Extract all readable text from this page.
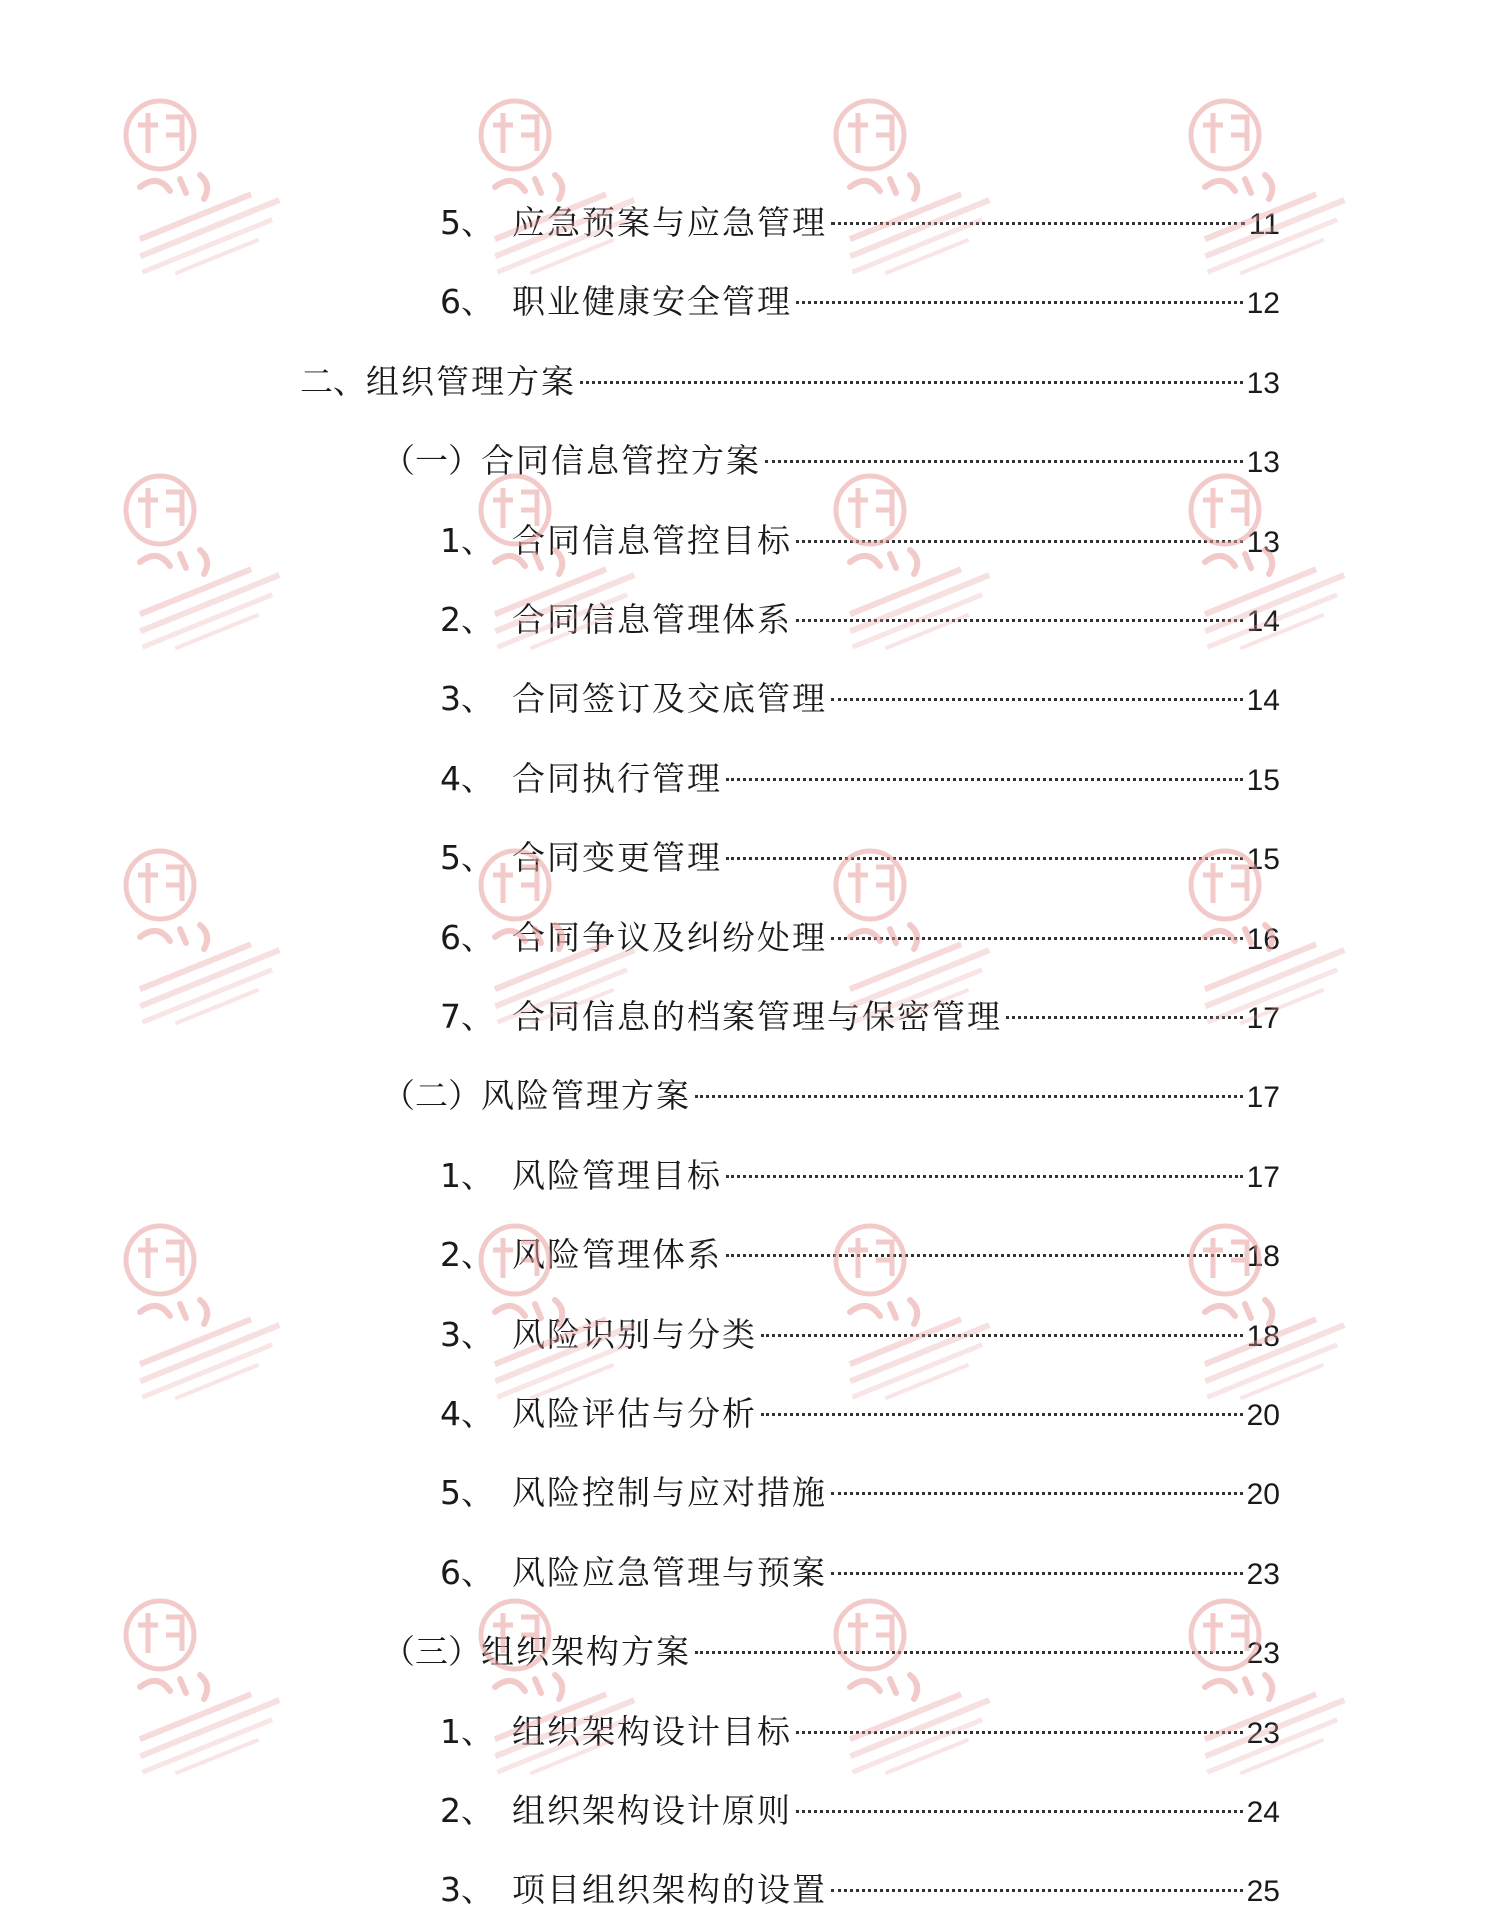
5、 应急预案与应急管理	11
6、 职业健康安全管理	12
二、 组织管理方案	13
（一） 合同信息管控方案	13
1、 合同信息管控目标	13
2、 合同信息管理体系	14
3、 合同签订及交底管理	14
4、 合同执行管理	15
5、 合同变更管理	15
6、 合同争议及纠纷处理	16
7、 合同信息的档案管理与保密管理	17
（二） 风险管理方案	17
1、 风险管理目标	17
2、 风险管理体系	18
3、 风险识别与分类	18
4、 风险评估与分析	20
5、 风险控制与应对措施	20
6、 风险应急管理与预案	23
（三） 组织架构方案	23
1、 组织架构设计目标	23
2、 组织架构设计原则	24
3、 项目组织架构的设置	25
